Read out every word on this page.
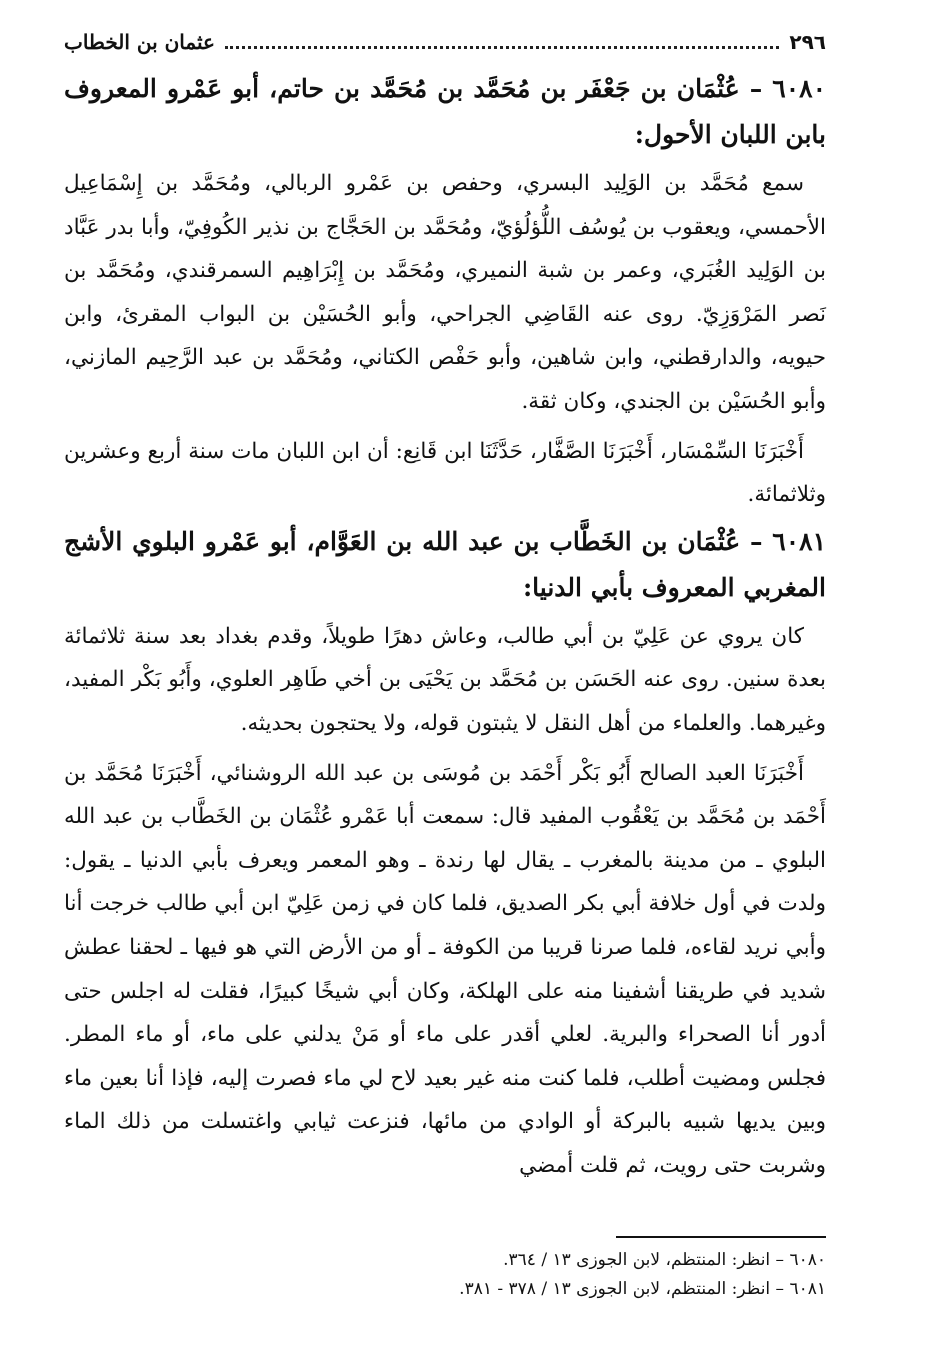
٢٩٦
عثمان بن الخطاب
٦٠٨٠ – عُثْمَان بن جَعْفَر بن مُحَمَّد بن مُحَمَّد بن حاتم، أبو عَمْرو المعروف بابن اللبان الأحول:

سمع مُحَمَّد بن الوَلِيد البسري، وحفص بن عَمْرو الربالي، ومُحَمَّد بن إِسْمَاعِيل الأحمسي، ويعقوب بن يُوسُف اللُّؤلُؤيّ، ومُحَمَّد بن الحَجَّاج بن نذير الكُوفِيّ، وأبا بدر عَبَّاد بن الوَلِيد الغُبَري، وعمر بن شبة النميري، ومُحَمَّد بن إِبْرَاهِيم السمرقندي، ومُحَمَّد بن نَصر المَرْوَزِيّ. روى عنه القَاضِي الجراحي، وأبو الحُسَيْن بن البواب المقرئ، وابن حيويه، والدارقطني، وابن شاهين، وأبو حَفْص الكتاني، ومُحَمَّد بن عبد الرَّحِيم المازني، وأبو الحُسَيْن بن الجندي، وكان ثقة.

أَخْبَرَنَا السِّمْسَار، أَخْبَرَنَا الصَّفَّار، حَدَّثَنَا ابن قَانِع: أن ابن اللبان مات سنة أربع وعشرين وثلاثمائة.

٦٠٨١ – عُثْمَان بن الخَطَّاب بن عبد الله بن العَوَّام، أبو عَمْرو البلوي الأشج المغربي المعروف بأبي الدنيا:

كان يروي عن عَلِيّ بن أبي طالب، وعاش دهرًا طويلاً، وقدم بغداد بعد سنة ثلاثمائة بعدة سنين. روى عنه الحَسَن بن مُحَمَّد بن يَحْيَى بن أخي طَاهِر العلوي، وأَبُو بَكْر المفيد، وغيرهما. والعلماء من أهل النقل لا يثبتون قوله، ولا يحتجون بحديثه.

أَخْبَرَنَا العبد الصالح أَبُو بَكْر أَحْمَد بن مُوسَى بن عبد الله الروشنائي، أَخْبَرَنَا مُحَمَّد بن أَحْمَد بن مُحَمَّد بن يَعْقُوب المفيد قال: سمعت أبا عَمْرو عُثْمَان بن الخَطَّاب بن عبد الله البلوي ـ من مدينة بالمغرب ـ يقال لها رندة ـ وهو المعمر ويعرف بأبي الدنيا ـ يقول: ولدت في أول خلافة أبي بكر الصديق، فلما كان في زمن عَلِيّ ابن أبي طالب خرجت أنا وأبي نريد لقاءه، فلما صرنا قريبا من الكوفة ـ أو من الأرض التي هو فيها ـ لحقنا عطش شديد في طريقنا أشفينا منه على الهلكة، وكان أبي شيخًا كبيرًا، فقلت له اجلس حتى أدور أنا الصحراء والبرية. لعلي أقدر على ماء أو مَنْ يدلني على ماء، أو ماء المطر. فجلس ومضيت أطلب، فلما كنت منه غير بعيد لاح لي ماء فصرت إليه، فإذا أنا بعين ماء وبين يديها شبيه بالبركة أو الوادي من مائها، فنزعت ثيابي واغتسلت من ذلك الماء وشربت حتى رويت، ثم قلت أمضي

٦٠٨٠ – انظر: المنتظم، لابن الجوزى ١٣ / ٣٦٤.

٦٠٨١ – انظر: المنتظم، لابن الجوزى ١٣ / ٣٧٨ - ٣٨١.
